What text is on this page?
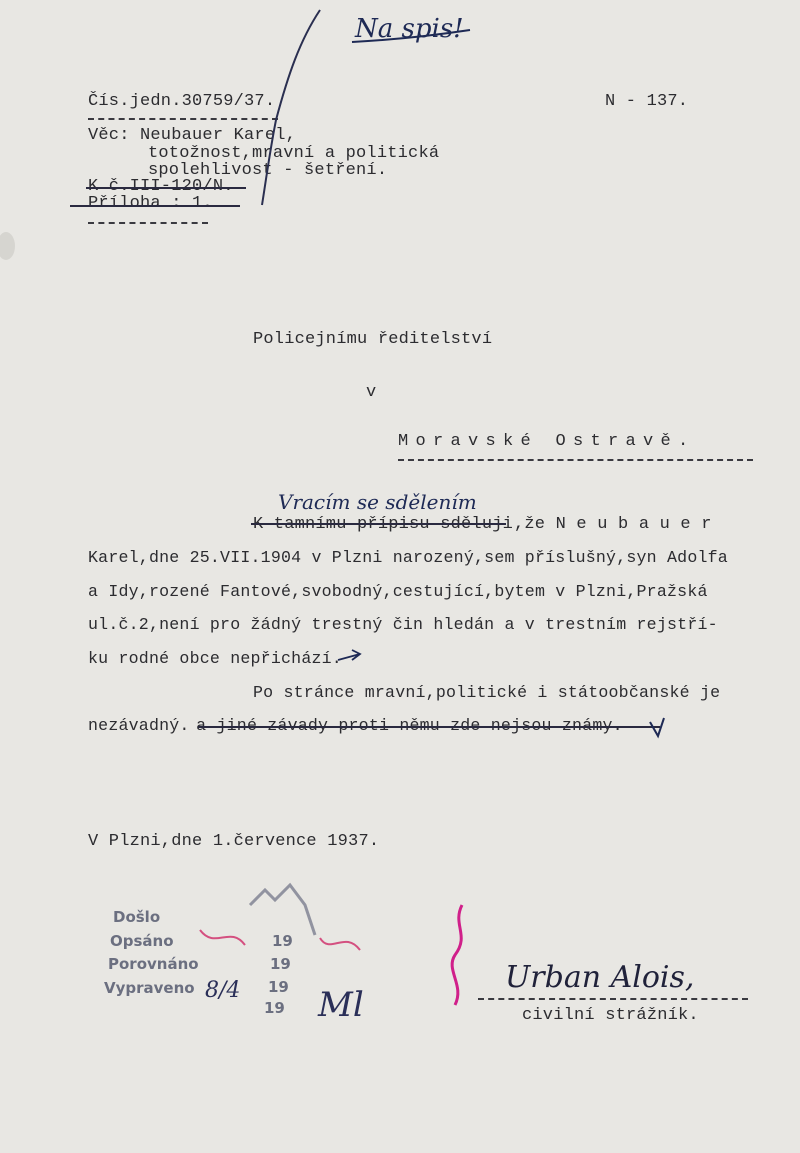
Na spis!
Čís.jedn.30759/37.	N - 137.
Věc: Neubauer Karel,
totožnost,mravní a politická
spolehlivost - šetření.
K č.III-120/N.
Příloha : 1.
Policejnímu ředitelství
v
Moravské Ostravě.
Vracím se sdělením
K tamnímu přípisu sděluji ,že N e u b a u e r
Karel,dne 25.VII.1904 v Plzni narozený,sem příslušný,syn Adolfa
a Idy,rozené Fantové,svobodný,cestující,bytem v Plzni,Pražská
ul.č.2,není pro žádný trestný čin hledán a v trestním rejstří-
ku rodné obce nepřichází.
Po stránce mravní,politické i státoobčanské je
nezávadný.
a jiné závady proti němu zde nejsou známy.
V Plzni,dne 1.července 1937.
Došlo
Opsáno
Porovnáno
Vypraveno
19
19
19
19
8/4 Ml
Urban Alois,
civilní strážník.
